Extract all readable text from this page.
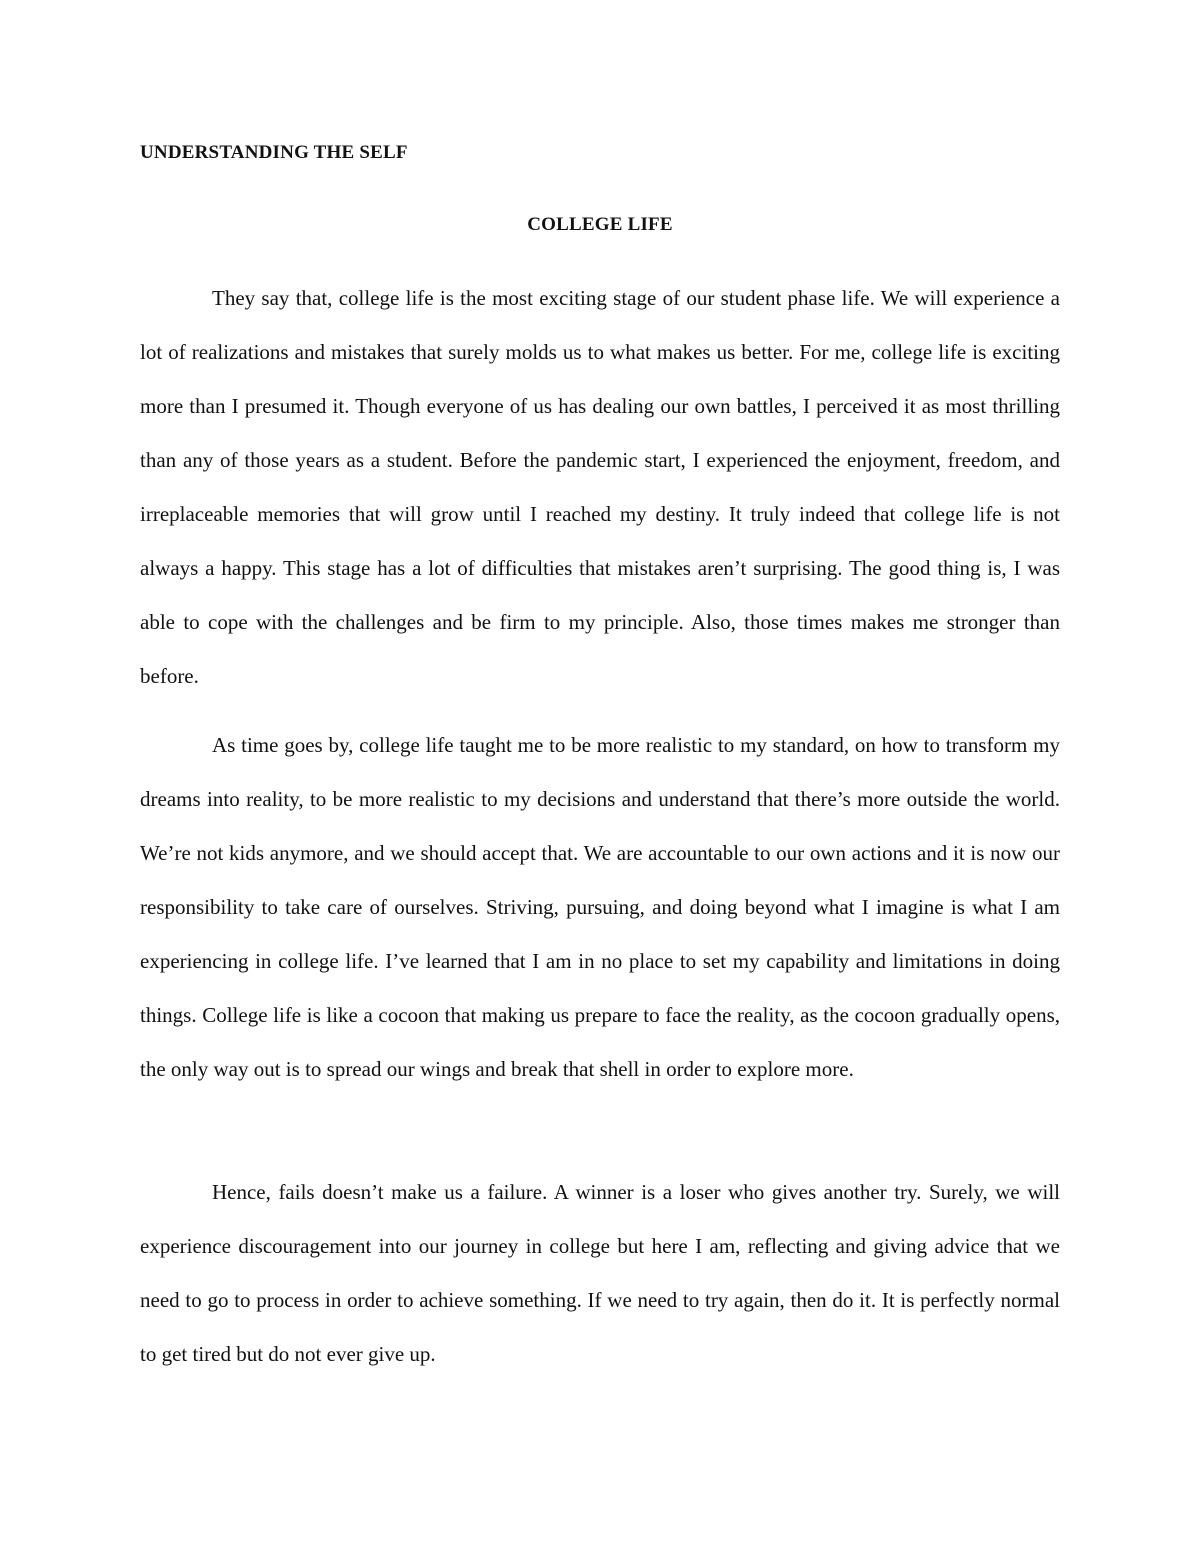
UNDERSTANDING THE SELF
COLLEGE LIFE

They say that, college life is the most exciting stage of our student phase life. We will experience a lot of realizations and mistakes that surely molds us to what makes us better. For me, college life is exciting more than I presumed it. Though everyone of us has dealing our own battles, I perceived it as most thrilling than any of those years as a student. Before the pandemic start, I experienced the enjoyment, freedom, and irreplaceable memories that will grow until I reached my destiny. It truly indeed that college life is not always a happy. This stage has a lot of difficulties that mistakes aren’t surprising. The good thing is, I was able to cope with the challenges and be firm to my principle. Also, those times makes me stronger than before.

As time goes by, college life taught me to be more realistic to my standard, on how to transform my dreams into reality, to be more realistic to my decisions and understand that there’s more outside the world. We’re not kids anymore, and we should accept that. We are accountable to our own actions and it is now our responsibility to take care of ourselves. Striving, pursuing, and doing beyond what I imagine is what I am experiencing in college life. I’ve learned that I am in no place to set my capability and limitations in doing things. College life is like a cocoon that making us prepare to face the reality, as the cocoon gradually opens, the only way out is to spread our wings and break that shell in order to explore more.

Hence, fails doesn’t make us a failure. A winner is a loser who gives another try. Surely, we will experience discouragement into our journey in college but here I am, reflecting and giving advice that we need to go to process in order to achieve something. If we need to try again, then do it. It is perfectly normal to get tired but do not ever give up.
